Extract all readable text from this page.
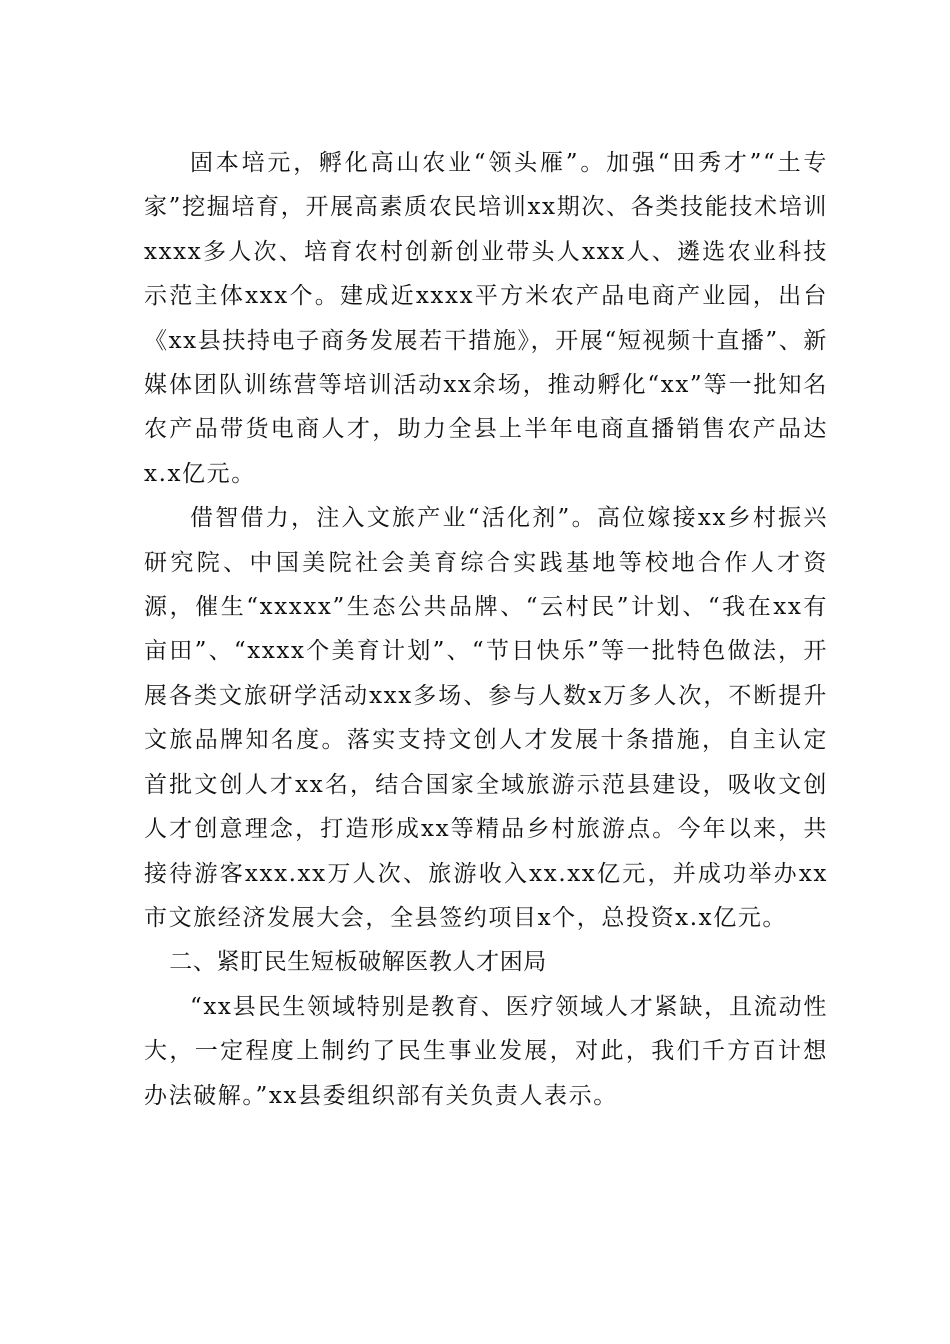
固本培元，孵化高山农业“领头雁”。加强“田秀才”“土专家”挖掘培育，开展高素质农民培训xx期次、各类技能技术培训xxxx多人次、培育农村创新创业带头人xxx人、遴选农业科技示范主体xxx个。建成近xxxx平方米农产品电商产业园，出台《xx县扶持电子商务发展若干措施》，开展“短视频十直播”、新媒体团队训练营等培训活动xx余场，推动孵化“xx”等一批知名农产品带货电商人才，助力全县上半年电商直播销售农产品达x.x亿元。

借智借力，注入文旅产业“活化剂”。高位嫁接xx乡村振兴研究院、中国美院社会美育综合实践基地等校地合作人才资源，催生“xxxxx”生态公共品牌、“云村民”计划、“我在xx有亩田”、“xxxx个美育计划”、“节日快乐”等一批特色做法，开展各类文旅研学活动xxx多场、参与人数x万多人次，不断提升文旅品牌知名度。落实支持文创人才发展十条措施，自主认定首批文创人才xx名，结合国家全域旅游示范县建设，吸收文创人才创意理念，打造形成xx等精品乡村旅游点。今年以来，共接待游客xxx.xx万人次、旅游收入xx.xx亿元，并成功举办xx市文旅经济发展大会，全县签约项目x个，总投资x.x亿元。

二、紧盯民生短板破解医教人才困局

“xx县民生领域特别是教育、医疗领域人才紧缺，且流动性大，一定程度上制约了民生事业发展，对此，我们千方百计想办法破解。”xx县委组织部有关负责人表示。
